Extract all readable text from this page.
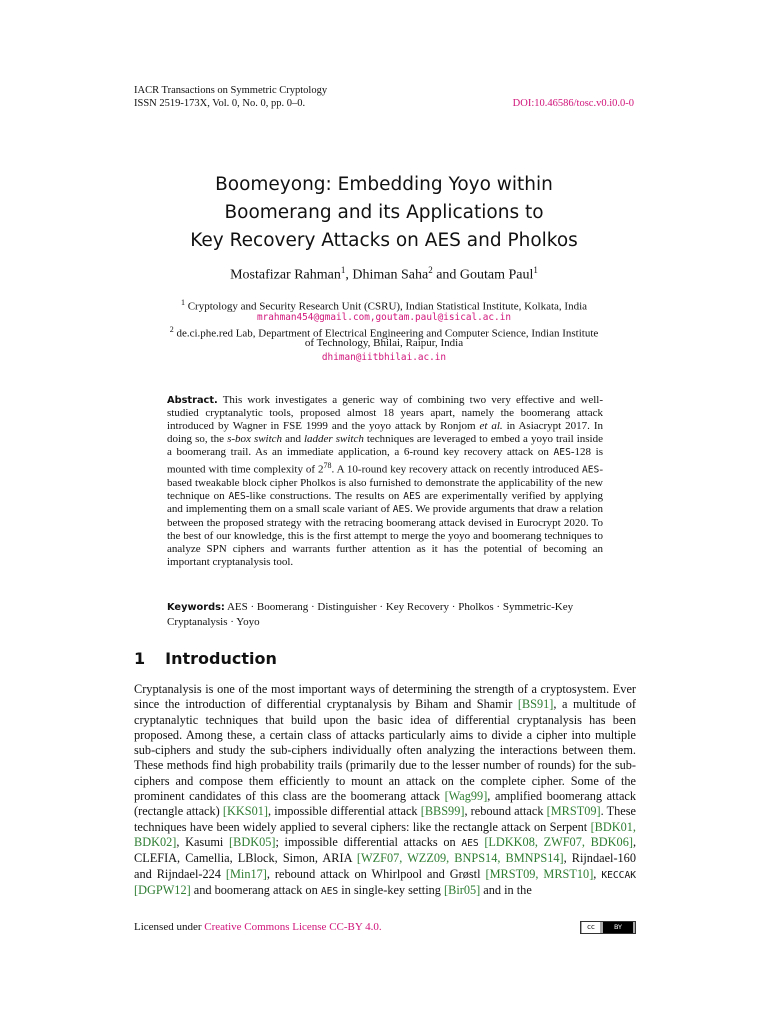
IACR Transactions on Symmetric Cryptology
ISSN 2519-173X, Vol. 0, No. 0, pp. 0–0.	DOI:10.46586/tosc.v0.i0.0-0
Boomeyong: Embedding Yoyo within
Boomerang and its Applications to
Key Recovery Attacks on AES and Pholkos
Mostafizar Rahman$^1$, Dhiman Saha$^2$ and Goutam Paul$^1$
$^1$ Cryptology and Security Research Unit (CSRU), Indian Statistical Institute, Kolkata, India
mrahman454@gmail.com,goutam.paul@isical.ac.in
$^2$ de.ci.phe.red Lab, Department of Electrical Engineering and Computer Science, Indian Institute
of Technology, Bhilai, Raipur, India
dhiman@iitbhilai.ac.in
Abstract. This work investigates a generic way of combining two very effective and well-studied cryptanalytic tools, proposed almost 18 years apart, namely the boomerang attack introduced by Wagner in FSE 1999 and the yoyo attack by Ronjom et al. in Asiacrypt 2017. In doing so, the s-box switch and ladder switch techniques are leveraged to embed a yoyo trail inside a boomerang trail. As an immediate application, a 6-round key recovery attack on AES-128 is mounted with time complexity of $2^{78}$. A 10-round key recovery attack on recently introduced AES-based tweakable block cipher Pholkos is also furnished to demonstrate the applicability of the new technique on AES-like constructions. The results on AES are experimentally verified by applying and implementing them on a small scale variant of AES. We provide arguments that draw a relation between the proposed strategy with the retracing boomerang attack devised in Eurocrypt 2020. To the best of our knowledge, this is the first attempt to merge the yoyo and boomerang techniques to analyze SPN ciphers and warrants further attention as it has the potential of becoming an important cryptanalysis tool.
Keywords: AES · Boomerang · Distinguisher · Key Recovery · Pholkos · Symmetric-Key Cryptanalysis · Yoyo
1 Introduction
Cryptanalysis is one of the most important ways of determining the strength of a cryptosystem. Ever since the introduction of differential cryptanalysis by Biham and Shamir [BS91], a multitude of cryptanalytic techniques that build upon the basic idea of differential cryptanalysis has been proposed. Among these, a certain class of attacks particularly aims to divide a cipher into multiple sub-ciphers and study the sub-ciphers individually often analyzing the interactions between them. These methods find high probability trails (primarily due to the lesser number of rounds) for the sub-ciphers and compose them efficiently to mount an attack on the complete cipher. Some of the prominent candidates of this class are the boomerang attack [Wag99], amplified boomerang attack (rectangle attack) [KKS01], impossible differential attack [BBS99], rebound attack [MRST09]. These techniques have been widely applied to several ciphers: like the rectangle attack on Serpent [BDK01, BDK02], Kasumi [BDK05]; impossible differential attacks on AES [LDKK08, ZWF07, BDK06], CLEFIA, Camellia, LBlock, Simon, ARIA [WZF07, WZZ09, BNPS14, BMNPS14], Rijndael-160 and Rijndael-224 [Min17], rebound attack on Whirlpool and Grøstl [MRST09, MRST10], KECCAK [DGPW12] and boomerang attack on AES in single-key setting [Bir05] and in the
Licensed under Creative Commons License CC-BY 4.0.	cc	BY
